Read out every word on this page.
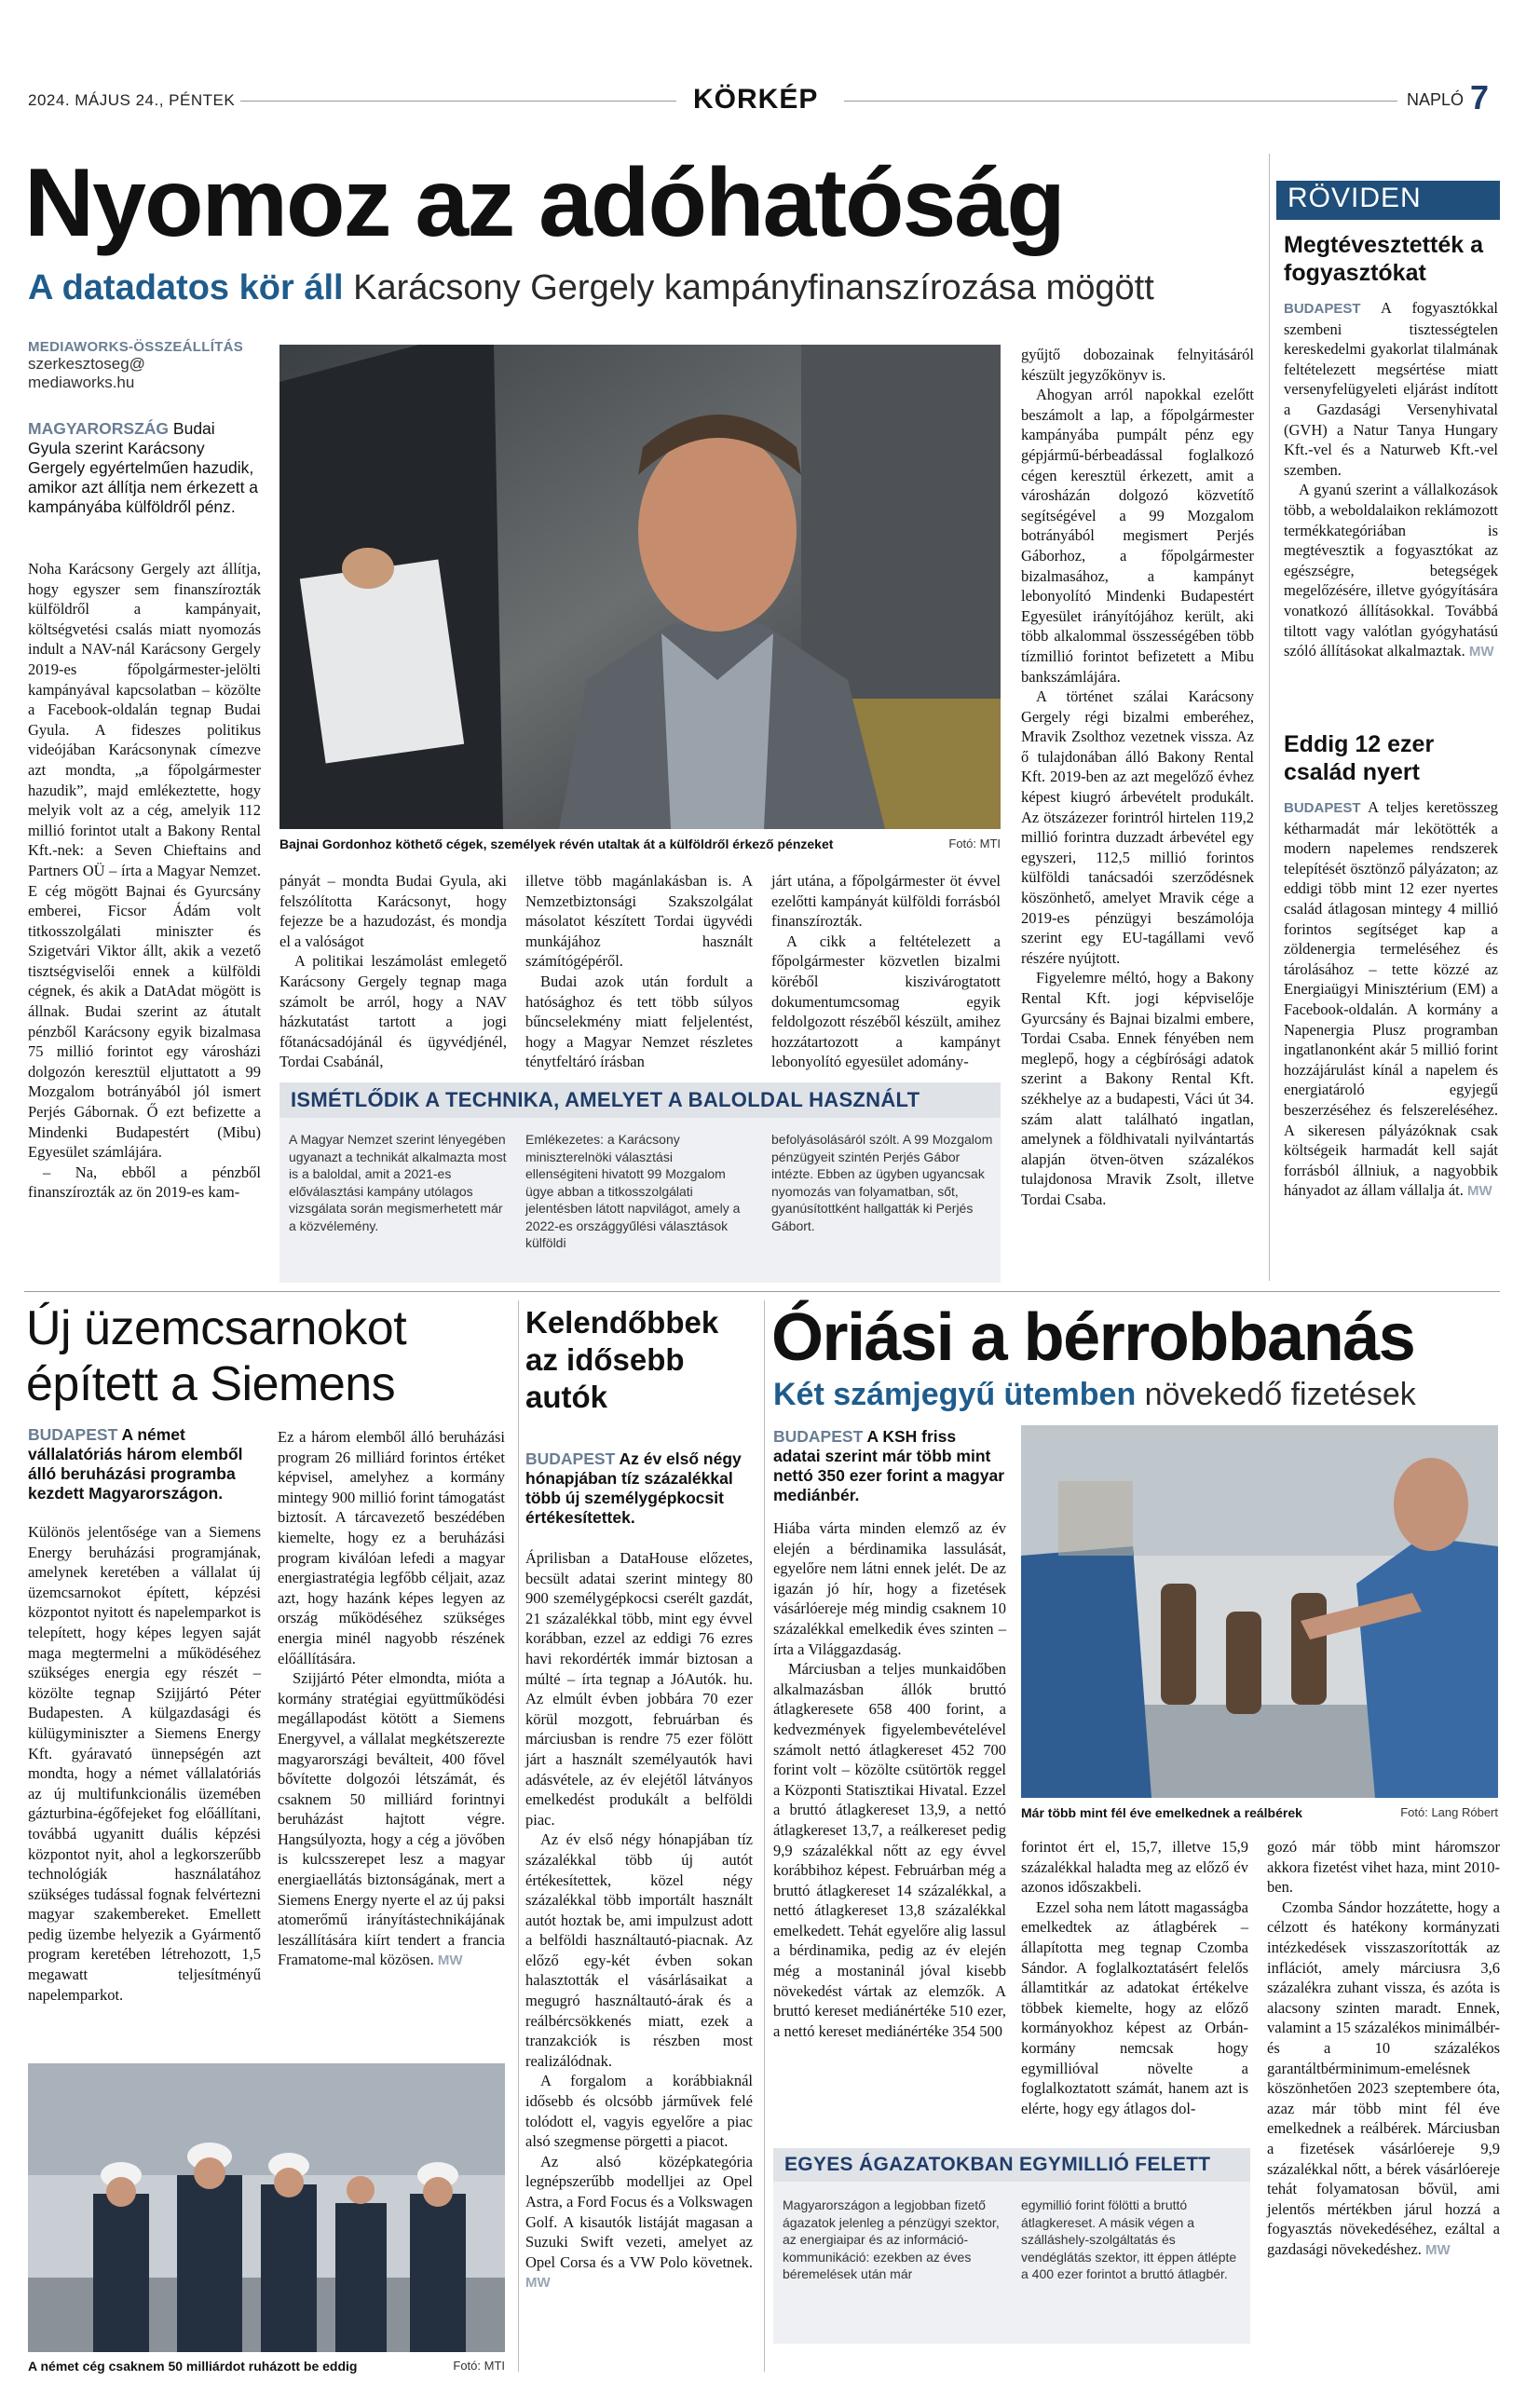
2024. MÁJUS 24., PÉNTEK	KÖRKÉP	NAPLÓ 7
Nyomoz az adóhatóság
A datadatos kör áll Karácsony Gergely kampányfinanszírozása mögött
MEDIAWORKS-ÖSSZEÁLLÍTÁS
szerkesztoseg@ mediaworks.hu
MAGYARORSZÁG Budai Gyula szerint Karácsony Gergely egyértelműen hazudik, amikor azt állítja nem érkezett a kampányába külföldről pénz.

Noha Karácsony Gergely azt állítja, hogy egyszer sem finanszírozták külföldről a kampányait, költségvetési csalás miatt nyomozás indult a NAV-nál Karácsony Gergely 2019-es főpolgármester-jelölti kampányával kapcsolatban – közölte a Facebook-oldalán tegnap Budai Gyula. A fideszes politikus videójában Karácsonynak címezve azt mondta, „a főpolgármester hazudik”, majd emlékeztette, hogy melyik volt az a cég, amelyik 112 millió forintot utalt a Bakony Rental Kft.-nek: a Seven Chieftains and Partners OÜ – írta a Magyar Nemzet. E cég mögött Bajnai és Gyurcsány emberei, Ficsor Ádám volt titkosszolgálati miniszter és Szigetvári Viktor állt, akik a vezető tisztségviselői ennek a külföldi cégnek, és akik a DatAdat mögött is állnak. Budai szerint az átutalt pénzből Karácsony egyik bizalmasa 75 millió forintot egy városházi dolgozón keresztül eljuttatott a 99 Mozgalom botrányából jól ismert Perjés Gábornak. Ő ezt befizette a Mindenki Budapestért (Mibu) Egyesület számlájára.

– Na, ebből a pénzből finanszírozták az ön 2019-es kam-

Bajnai Gordonhoz köthető cégek, személyek révén utaltak át a külföldről érkező pénzeket	Fotó: MTI

pányát – mondta Budai Gyula, aki felszólította Karácsonyt, hogy fejezze be a hazudozást, és mondja el a valóságot

A politikai leszámolást emlegető Karácsony Gergely tegnap maga számolt be arról, hogy a NAV házkutatást tartott a jogi főtanácsadójánál és ügyvédjénél, Tordai Csabánál,

illetve több magánlakásban is. A Nemzetbiztonsági Szakszolgálat másolatot készített Tordai ügyvédi munkájához használt számítógépéről.

Budai azok után fordult a hatósághoz és tett több súlyos bűncselekmény miatt feljelentést, hogy a Magyar Nemzet részletes ténytfeltáró írásban

járt utána, a főpolgármester öt évvel ezelőtti kampányát külföldi forrásból finanszírozták.

A cikk a feltételezett a főpolgármester közvetlen bizalmi köréből kiszivárogtatott dokumentumcsomag egyik feldolgozott részéből készült, amihez hozzátartozott a kampányt lebonyolító egyesület adomány-

ISMÉTLŐDIK A TECHNIKA, AMELYET A BALOLDAL HASZNÁLT
A Magyar Nemzet szerint lényegében ugyanazt a technikát alkalmazta most is a baloldal, amit a 2021-es előválasztási kampány utólagos vizsgálata során megismerhetett már a közvélemény.
Emlékezetes: a Karácsony miniszterelnöki választási ellenségiteni hivatott 99 Mozgalom ügye abban a titkosszolgálati jelentésben látott napvilágot, amely a 2022-es országgyűlési választások külföldi
befolyásolásáról szólt. A 99 Mozgalom pénzügyeit szintén Perjés Gábor intézte. Ebben az ügyben ugyancsak nyomozás van folyamatban, sőt, gyanúsítottként hallgatták ki Perjés Gábort.

gyűjtő dobozainak felnyitásáról készült jegyzőkönyv is.

Ahogyan arról napokkal ezelőtt beszámolt a lap, a főpolgármester kampányába pumpált pénz egy gépjármű-bérbeadással foglalkozó cégen keresztül érkezett, amit a városházán dolgozó közvetítő segítségével a 99 Mozgalom botrányából megismert Perjés Gáborhoz, a főpolgármester bizalmasához, a kampányt lebonyolító Mindenki Budapestért Egyesület irányítójához került, aki több alkalommal összességében több tízmillió forintot befizetett a Mibu bankszámlájára.

A történet szálai Karácsony Gergely régi bizalmi emberéhez, Mravik Zsolthoz vezetnek vissza. Az ő tulajdonában álló Bakony Rental Kft. 2019-ben az azt megelőző évhez képest kiugró árbevételt produkált. Az ötszázezer forintról hirtelen 119,2 millió forintra duzzadt árbevétel egy egyszeri, 112,5 millió forintos külföldi tanácsadói szerződésnek köszönhető, amelyet Mravik cége a 2019-es pénzügyi beszámolója szerint egy EU-tagállami vevő részére nyújtott.

Figyelemre méltó, hogy a Bakony Rental Kft. jogi képviselője Gyurcsány és Bajnai bizalmi embere, Tordai Csaba. Ennek fényében nem meglepő, hogy a cégbírósági adatok szerint a Bakony Rental Kft. székhelye az a budapesti, Váci út 34. szám alatt található ingatlan, amelynek a földhivatali nyilvántartás alapján ötven-ötven százalékos tulajdonosa Mravik Zsolt, illetve Tordai Csaba.

RÖVIDEN
Megtévesztették a fogyasztókat

BUDAPEST A fogyasztókkal szembeni tisztességtelen kereskedelmi gyakorlat tilalmának feltételezett megsértése miatt versenyfelügyeleti eljárást indított a Gazdasági Versenyhivatal (GVH) a Natur Tanya Hungary Kft.-vel és a Naturweb Kft.-vel szemben.

A gyanú szerint a vállalkozások több, a weboldalaikon reklámozott termékkategóriában is megtévesztik a fogyasztókat az egészségre, betegségek megelőzésére, illetve gyógyítására vonatkozó állításokkal. Továbbá tiltott vagy valótlan gyógyhatású szóló állításokat alkalmaztak. MW

Eddig 12 ezer család nyert

BUDAPEST A teljes keretösszeg kétharmadát már lekötötték a modern napelemes rendszerek telepítését ösztönző pályázaton; az eddigi több mint 12 ezer nyertes család átlagosan mintegy 4 millió forintos segítséget kap a zöldenergia termeléséhez és tárolásához – tette közzé az Energiaügyi Minisztérium (EM) a Facebook-oldalán. A kormány a Napenergia Plusz programban ingatlanonként akár 5 millió forint hozzájárulást kínál a napelem és energiatároló egyjegű beszerzéséhez és felszereléséhez. A sikeresen pályázóknak csak költségeik harmadát kell saját forrásból állniuk, a nagyobbik hányadot az állam vállalja át. MW

Új üzemcsarnokot épített a Siemens
BUDAPEST A német vállalatóriás három elemből álló beruházási programba kezdett Magyarországon.

Különös jelentősége van a Siemens Energy beruházási programjának, amelynek keretében a vállalat új üzemcsarnokot épített, képzési központot nyitott és napelemparkot is telepített, hogy képes legyen saját maga megtermelni a működéséhez szükséges energia egy részét – közölte tegnap Szijjártó Péter Budapesten. A külgazdasági és külügyminiszter a Siemens Energy Kft. gyáravató ünnepségén azt mondta, hogy a német vállalatóriás az új multifunkcionális üzemében gázturbina-égőfejeket fog előállítani, továbbá ugyanitt duális képzési központot nyit, ahol a legkorszerűbb technológiák használatához szükséges tudással fognak felvértezni magyar szakembereket. Emellett pedig üzembe helyezik a Gyármentő program keretében létrehozott, 1,5 megawatt teljesítményű napelemparkot.

Ez a három elemből álló beruházási program 26 milliárd forintos értéket képvisel, amelyhez a kormány mintegy 900 millió forint támogatást biztosít. A tárcavezető beszédében kiemelte, hogy ez a beruházási program kiválóan lefedi a magyar energiastratégia legfőbb céljait, azaz azt, hogy hazánk képes legyen az ország működéséhez szükséges energia minél nagyobb részének előállítására.

Szijjártó Péter elmondta, mióta a kormány stratégiai együttműködési megállapodást kötött a Siemens Energyvel, a vállalat megkétszerezte magyarországi beválteit, 400 fővel bővítette dolgozói létszámát, és csaknem 50 milliárd forintnyi beruházást hajtott végre. Hangsúlyozta, hogy a cég a jövőben is kulcsszerepet lesz a magyar energiaellátás biztonságának, mert a Siemens Energy nyerte el az új paksi atomerőmű irányítástechnikájának leszállítására kiírt tendert a francia Framatome-mal közösen. MW

A német cég csaknem 50 milliárdot ruházott be eddig	Fotó: MTI
Kelendőbbek az idősebb autók
BUDAPEST Az év első négy hónapjában tíz százalékkal több új személygépkocsit értékesítettek.

Áprilisban a DataHouse előzetes, becsült adatai szerint mintegy 80 900 személygépkocsi cserélt gazdát, 21 százalékkal több, mint egy évvel korábban, ezzel az eddigi 76 ezres havi rekordérték immár biztosan a múlté – írta tegnap a JóAutók. hu. Az elmúlt évben jobbára 70 ezer körül mozgott, februárban és márciusban is rendre 75 ezer fölött járt a használt személyautók havi adásvétele, az év elejétől látványos emelkedést produkált a belföldi piac.

Az év első négy hónapjában tíz százalékkal több új autót értékesítettek, közel négy százalékkal több importált használt autót hoztak be, ami impulzust adott a belföldi használtautó-piacnak. Az előző egy-két évben sokan halasztották el vásárlásaikat a megugró használtautó-árak és a reálbércsökkenés miatt, ezek a tranzakciók is részben most realizálódnak.

A forgalom a korábbiaknál idősebb és olcsóbb járművek felé tolódott el, vagyis egyelőre a piac alsó szegmense pörgetti a piacot.

Az alsó középkategória legnépszerűbb modelljei az Opel Astra, a Ford Focus és a Volkswagen Golf. A kisautók listáját magasan a Suzuki Swift vezeti, amelyet az Opel Corsa és a VW Polo követnek. MW

Óriási a bérrobbanás
Két számjegyű ütemben növekedő fizetések
BUDAPEST A KSH friss adatai szerint már több mint nettó 350 ezer forint a magyar mediánbér.

Hiába várta minden elemző az év elején a bérdinamika lassulását, egyelőre nem látni ennek jelét. De az igazán jó hír, hogy a fizetések vásárlóereje még mindig csaknem 10 százalékkal emelkedik éves szinten – írta a Világgazdaság.

Márciusban a teljes munkaidőben alkalmazásban állók bruttó átlagkeresete 658 400 forint, a kedvezmények figyelembevételével számolt nettó átlagkereset 452 700 forint volt – közölte csütörtök reggel a Központi Statisztikai Hivatal. Ezzel a bruttó átlagkereset 13,9, a nettó átlagkereset 13,7, a reálkereset pedig 9,9 százalékkal nőtt az egy évvel korábbihoz képest. Februárban még a bruttó átlagkereset 14 százalékkal, a nettó átlagkereset 13,8 százalékkal emelkedett. Tehát egyelőre alig lassul a bérdinamika, pedig az év elején még a mostaninál jóval kisebb növekedést vártak az elemzők. A bruttó kereset mediánértéke 510 ezer, a nettó kereset mediánértéke 354 500

Már több mint fél éve emelkednek a reálbérek	Fotó: Lang Róbert

forintot ért el, 15,7, illetve 15,9 százalékkal haladta meg az előző év azonos időszakbeli.

Ezzel soha nem látott magasságba emelkedtek az átlagbérek – állapította meg tegnap Czomba Sándor. A foglalkoztatásért felelős államtitkár az adatokat értékelve többek kiemelte, hogy az előző kormányokhoz képest az Orbán-kormány nemcsak hogy egymillióval növelte a foglalkoztatott számát, hanem azt is elérte, hogy egy átlagos dol-

gozó már több mint háromszor akkora fizetést vihet haza, mint 2010-ben.

Czomba Sándor hozzátette, hogy a célzott és hatékony kormányzati intézkedések visszaszorították az inflációt, amely márciusra 3,6 százalékra zuhant vissza, és azóta is alacsony szinten maradt. Ennek, valamint a 15 százalékos minimálbér- és a 10 százalékos garantáltbérminimum-emelésnek köszönhetően 2023 szeptembere óta, azaz már több mint fél éve emelkednek a reálbérek. Márciusban a fizetések vásárlóereje 9,9 százalékkal nőtt, a bérek vásárlóereje tehát folyamatosan bővül, ami jelentős mértékben járul hozzá a fogyasztás növekedéséhez, ezáltal a gazdasági növekedéshez. MW

EGYES ÁGAZATOKBAN EGYMILLIÓ FELETT
Magyarországon a legjobban fizető ágazatok jelenleg a pénzügyi szektor, az energiaipar és az információ-kommunikáció: ezekben az éves béremelések után már
egymillió forint fölötti a bruttó átlagkereset. A másik végen a szálláshely-szolgáltatás és vendéglátás szektor, itt éppen átlépte a 400 ezer forintot a bruttó átlagbér.
